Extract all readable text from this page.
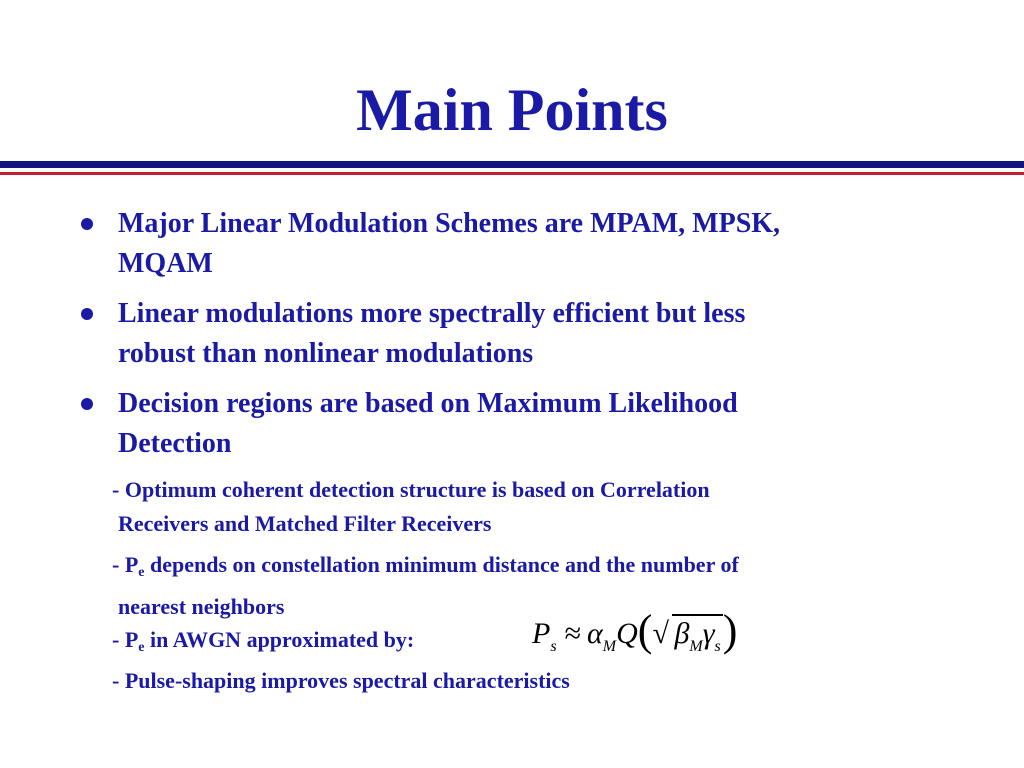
Main Points
Major Linear Modulation Schemes are MPAM, MPSK,
MQAM
Linear modulations more spectrally efficient but less
robust than nonlinear modulations
Decision regions are based on Maximum Likelihood
Detection
- Optimum coherent detection structure is based on Correlation
Receivers and Matched Filter Receivers
- $P_e$ depends on constellation minimum distance and the number of
nearest neighbors
- $P_e$ in AWGN approximated by:	$P_s \approx \alpha_MQ$( √ $\beta_M\gamma_s$)
- Pulse-shaping improves spectral characteristics
